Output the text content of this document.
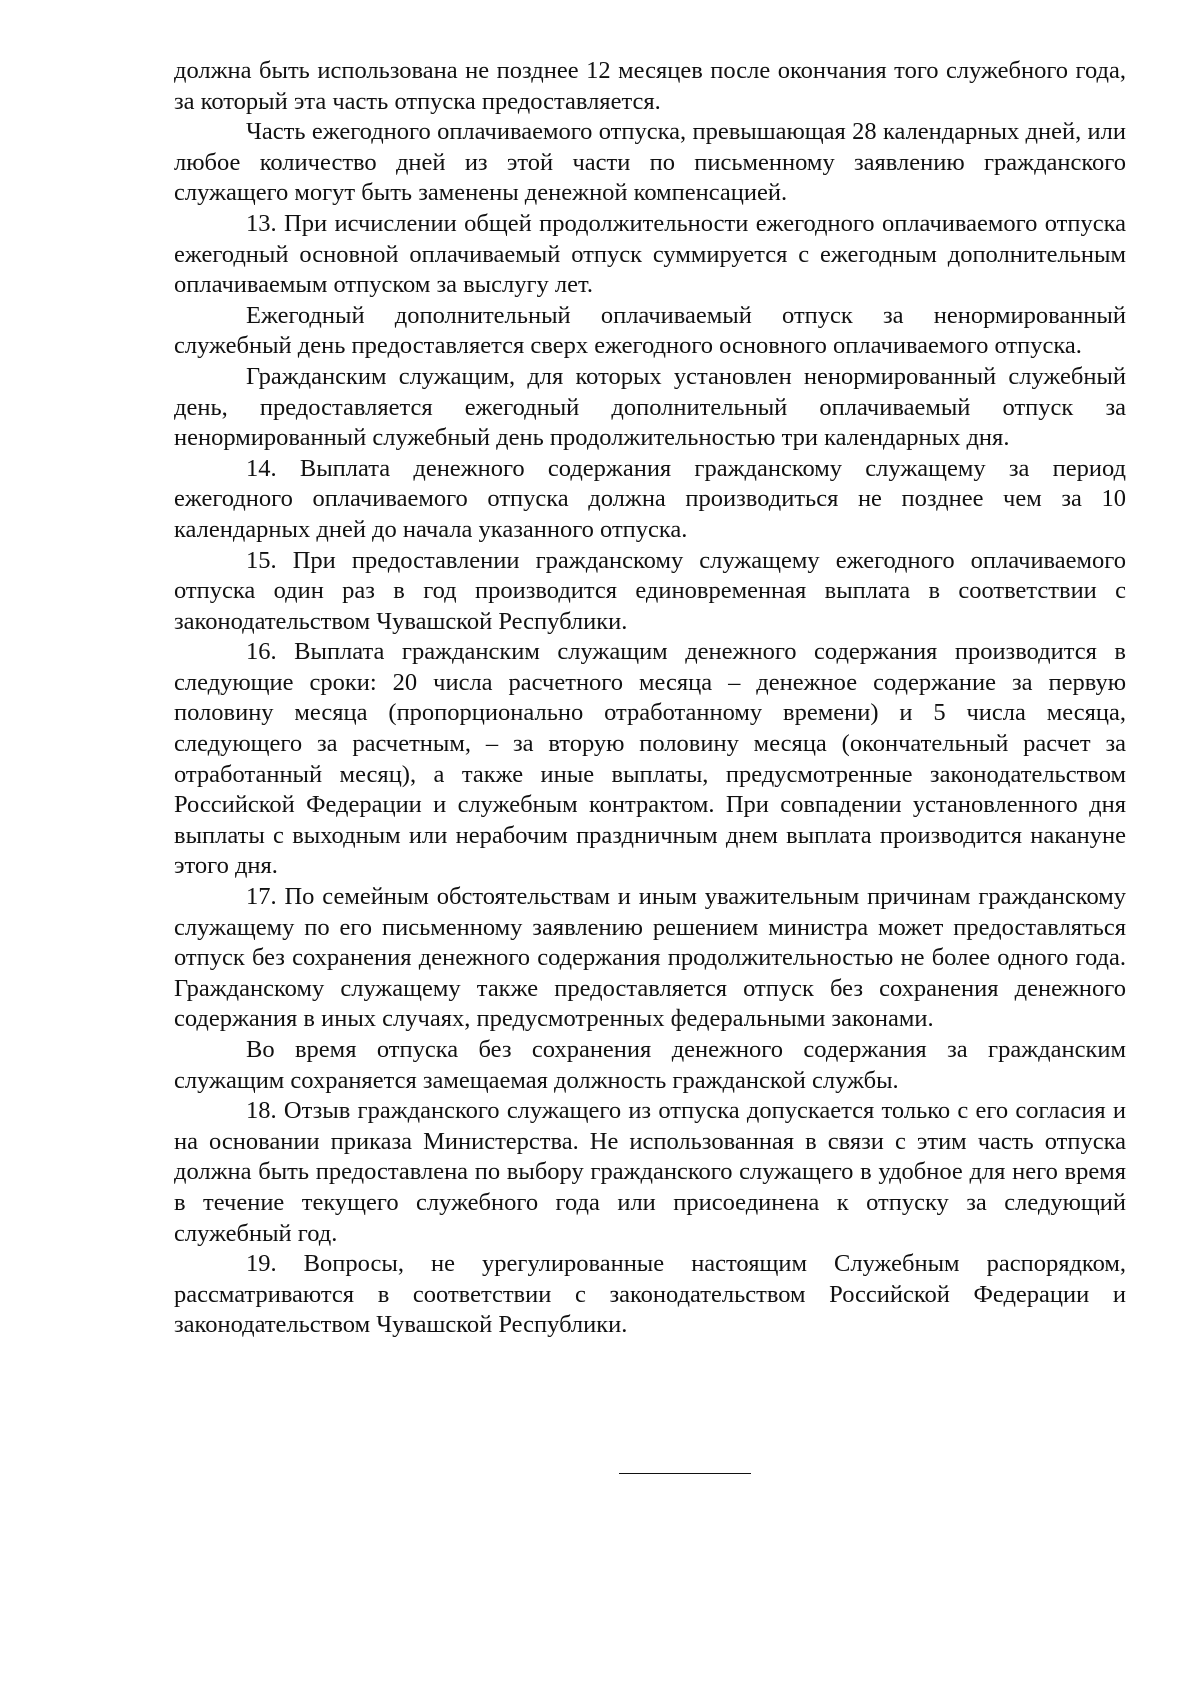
должна быть использована не позднее 12 месяцев после окончания того служебного года, за который эта часть отпуска предоставляется.

Часть ежегодного оплачиваемого отпуска, превышающая 28 календарных дней, или любое количество дней из этой части по письменному заявлению гражданского служащего могут быть заменены денежной компенсацией.

13. При исчислении общей продолжительности ежегодного оплачиваемого отпуска ежегодный основной оплачиваемый отпуск суммируется с ежегодным дополнительным оплачиваемым отпуском за выслугу лет.

Ежегодный дополнительный оплачиваемый отпуск за ненормированный служебный день предоставляется сверх ежегодного основного оплачиваемого отпуска.

Гражданским служащим, для которых установлен ненормированный служебный день, предоставляется ежегодный дополнительный оплачиваемый отпуск за ненормированный служебный день продолжительностью три календарных дня.

14. Выплата денежного содержания гражданскому служащему за период ежегодного оплачиваемого отпуска должна производиться не позднее чем за 10 календарных дней до начала указанного отпуска.

15. При предоставлении гражданскому служащему ежегодного оплачиваемого отпуска один раз в год производится единовременная выплата в соответствии с законодательством Чувашской Республики.

16. Выплата гражданским служащим денежного содержания производится в следующие сроки: 20 числа расчетного месяца – денежное содержание за первую половину месяца (пропорционально отработанному времени) и 5 числа месяца, следующего за расчетным, – за вторую половину месяца (окончательный расчет за отработанный месяц), а также иные выплаты, предусмотренные законодательством Российской Федерации и служебным контрактом. При совпадении установленного дня выплаты с выходным или нерабочим праздничным днем выплата производится накануне этого дня.

17. По семейным обстоятельствам и иным уважительным причинам гражданскому служащему по его письменному заявлению решением министра может предоставляться отпуск без сохранения денежного содержания продолжительностью не более одного года. Гражданскому служащему также предоставляется отпуск без сохранения денежного содержания в иных случаях, предусмотренных федеральными законами.

Во время отпуска без сохранения денежного содержания за гражданским служащим сохраняется замещаемая должность гражданской службы.

18. Отзыв гражданского служащего из отпуска допускается только с его согласия и на основании приказа Министерства. Не использованная в связи с этим часть отпуска должна быть предоставлена по выбору гражданского служащего в удобное для него время в течение текущего служебного года или присоединена к отпуску за следующий служебный год.

19. Вопросы, не урегулированные настоящим Служебным распорядком, рассматриваются в соответствии с законодательством Российской Федерации и законодательством Чувашской Республики.
